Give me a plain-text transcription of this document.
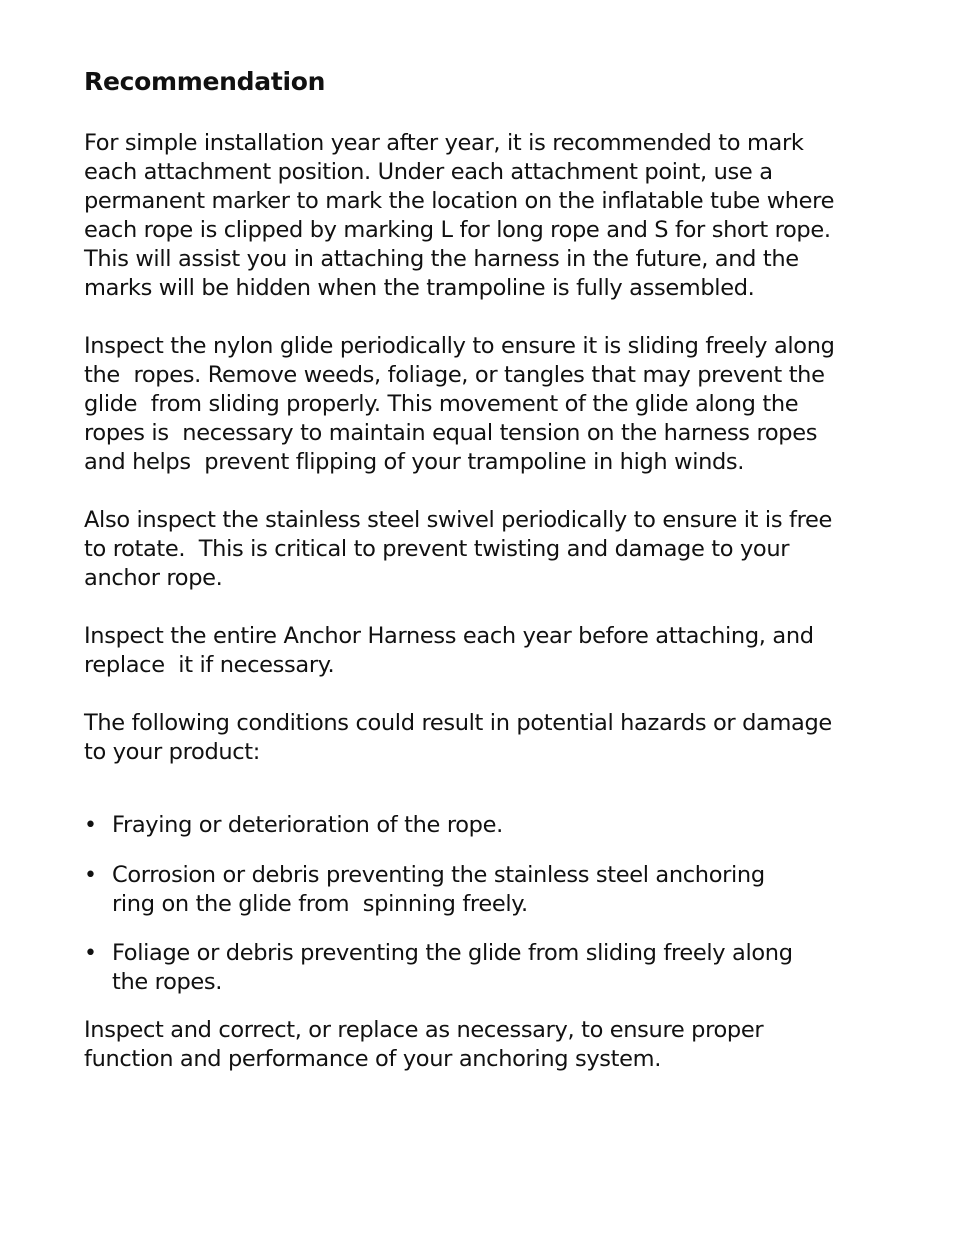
Recommendation

For simple installation year after year, it is recommended to mark
each attachment position. Under each attachment point, use a
permanent marker to mark the location on the inflatable tube where
each rope is clipped by marking L for long rope and S for short rope.
This will assist you in attaching the harness in the future, and the
marks will be hidden when the trampoline is fully assembled.

Inspect the nylon glide periodically to ensure it is sliding freely along
the  ropes. Remove weeds, foliage, or tangles that may prevent the
glide  from sliding properly. This movement of the glide along the
ropes is  necessary to maintain equal tension on the harness ropes
and helps  prevent flipping of your trampoline in high winds.

Also inspect the stainless steel swivel periodically to ensure it is free
to rotate.  This is critical to prevent twisting and damage to your
anchor rope.

Inspect the entire Anchor Harness each year before attaching, and
replace  it if necessary.

The following conditions could result in potential hazards or damage
to your product:

• Fraying or deterioration of the rope.
• Corrosion or debris preventing the stainless steel anchoring
ring on the glide from  spinning freely.
• Foliage or debris preventing the glide from sliding freely along
the ropes.

Inspect and correct, or replace as necessary, to ensure proper
function and performance of your anchoring system.
